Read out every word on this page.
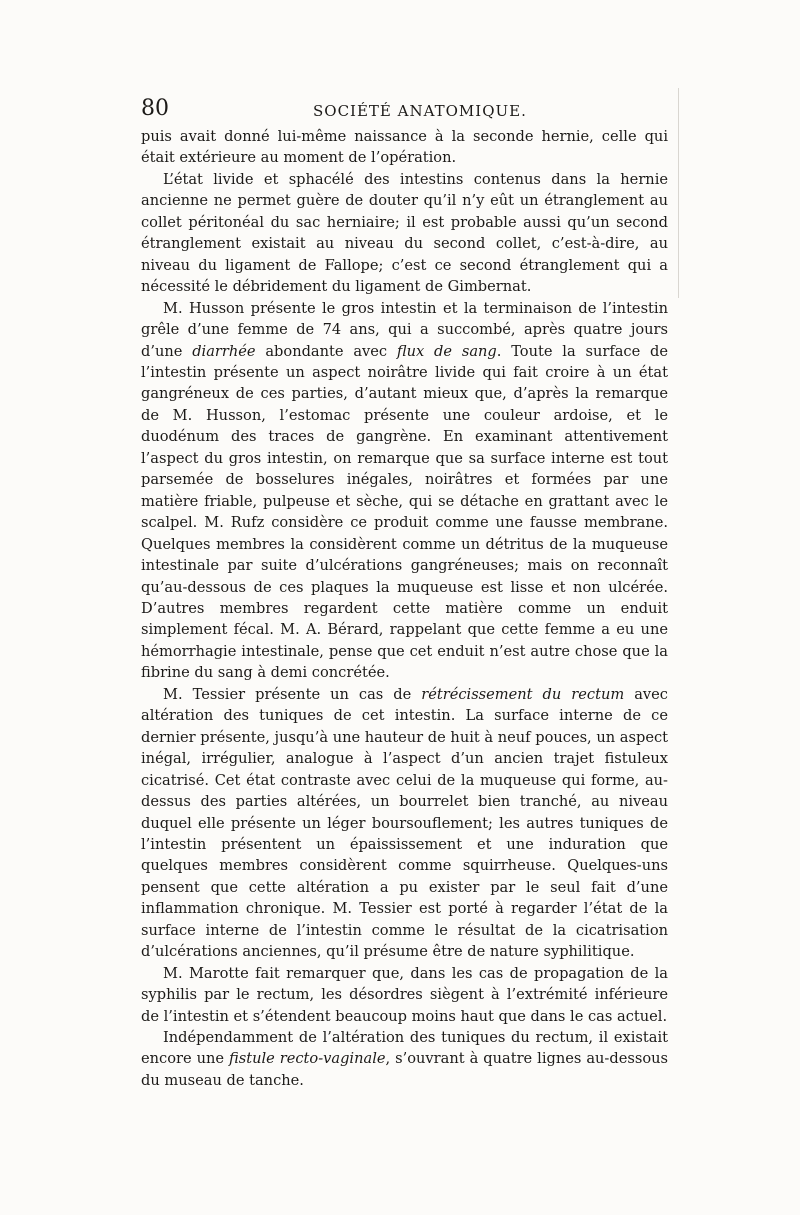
80	SOCIÉTÉ ANATOMIQUE.

puis avait donné lui-même naissance à la seconde hernie, celle qui était extérieure au moment de l’opération.

L’état livide et sphacélé des intestins contenus dans la hernie ancienne ne permet guère de douter qu’il n’y eût un étranglement au collet péritonéal du sac herniaire; il est probable aussi qu’un second étranglement existait au niveau du second collet, c’est-à-dire, au niveau du ligament de Fallope; c’est ce second étranglement qui a nécessité le débridement du ligament de Gimbernat.

M. Husson présente le gros intestin et la terminaison de l’intestin grêle d’une femme de 74 ans, qui a succombé, après quatre jours d’une diarrhée abondante avec flux de sang. Toute la surface de l’intestin présente un aspect noirâtre livide qui fait croire à un état gangréneux de ces parties, d’autant mieux que, d’après la remarque de M. Husson, l’estomac présente une couleur ardoise, et le duodénum des traces de gangrène. En examinant attentivement l’aspect du gros intestin, on remarque que sa surface interne est tout parsemée de bosselures inégales, noirâtres et formées par une matière friable, pulpeuse et sèche, qui se détache en grattant avec le scalpel. M. Rufz considère ce produit comme une fausse membrane. Quelques membres la considèrent comme un détritus de la muqueuse intestinale par suite d’ulcérations gangréneuses; mais on reconnaît qu’au-dessous de ces plaques la muqueuse est lisse et non ulcérée. D’autres membres regardent cette matière comme un enduit simplement fécal. M. A. Bérard, rappelant que cette femme a eu une hémorrhagie intestinale, pense que cet enduit n’est autre chose que la fibrine du sang à demi concrétée.

M. Tessier présente un cas de rétrécissement du rectum avec altération des tuniques de cet intestin. La surface interne de ce dernier présente, jusqu’à une hauteur de huit à neuf pouces, un aspect inégal, irrégulier, analogue à l’aspect d’un ancien trajet fistuleux cicatrisé. Cet état contraste avec celui de la muqueuse qui forme, au-dessus des parties altérées, un bourrelet bien tranché, au niveau duquel elle présente un léger boursouflement; les autres tuniques de l’intestin présentent un épaississement et une induration que quelques membres considèrent comme squirrheuse. Quelques-uns pensent que cette altération a pu exister par le seul fait d’une inflammation chronique. M. Tessier est porté à regarder l’état de la surface interne de l’intestin comme le résultat de la cicatrisation d’ulcérations anciennes, qu’il présume être de nature syphilitique.

M. Marotte fait remarquer que, dans les cas de propagation de la syphilis par le rectum, les désordres siègent à l’extrémité inférieure de l’intestin et s’étendent beaucoup moins haut que dans le cas actuel.

Indépendamment de l’altération des tuniques du rectum, il existait encore une fistule recto-vaginale, s’ouvrant à quatre lignes au-dessous du museau de tanche.
